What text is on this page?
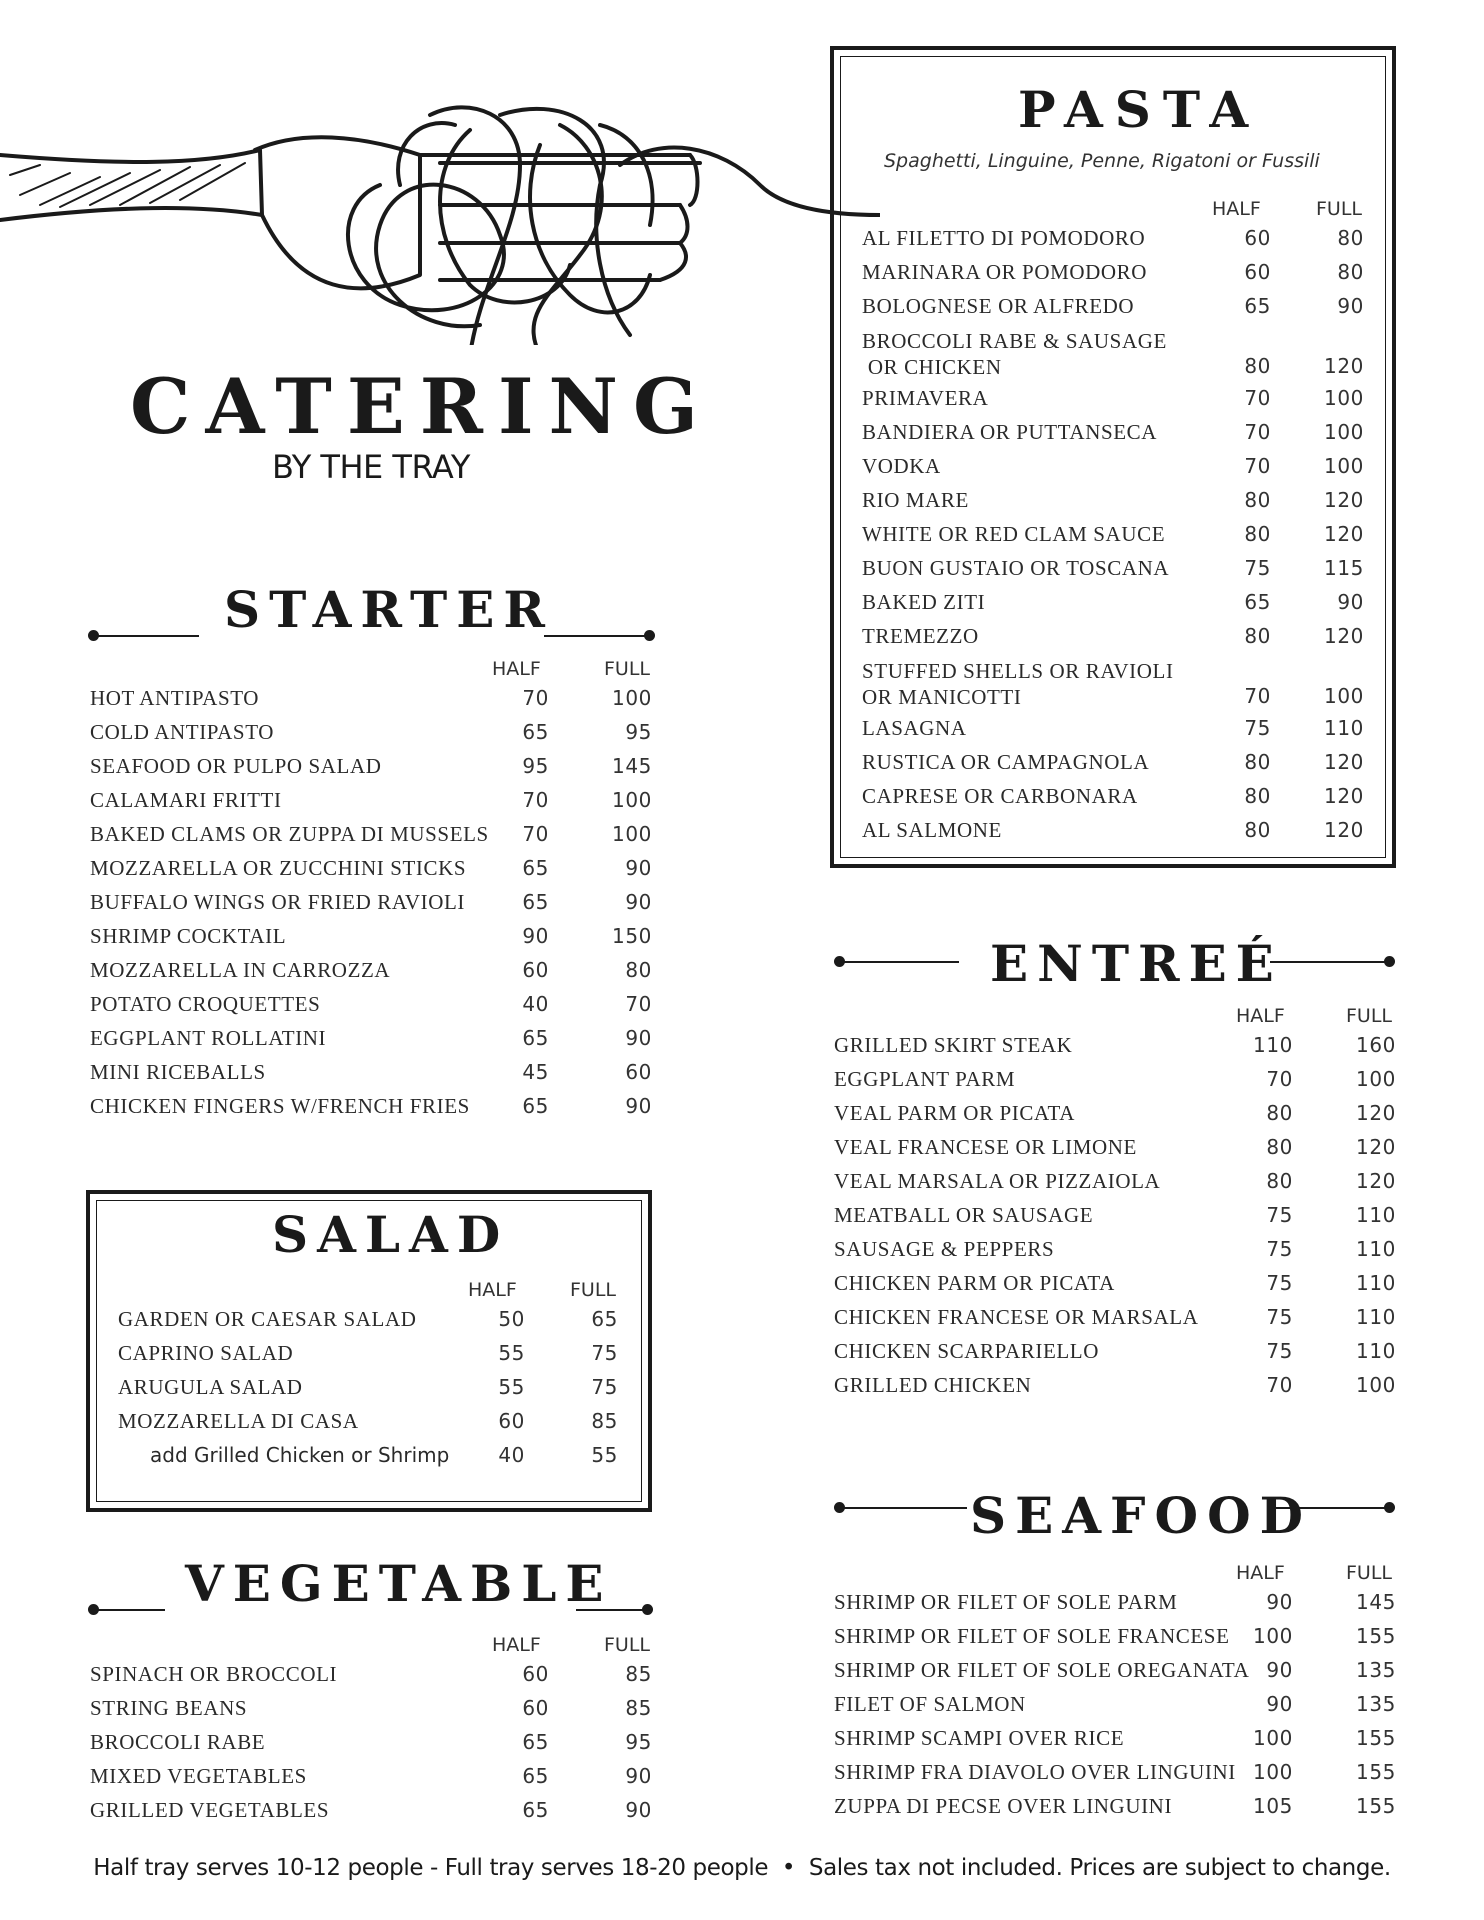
CATERING
BY THE TRAY
STARTER
HALF	FULL
HOT ANTIPASTO	70	100
COLD ANTIPASTO	65	95
SEAFOOD OR PULPO SALAD	95	145
CALAMARI FRITTI	70	100
BAKED CLAMS OR ZUPPA DI MUSSELS	70	100
MOZZARELLA OR ZUCCHINI STICKS	65	90
BUFFALO WINGS OR FRIED RAVIOLI	65	90
SHRIMP COCKTAIL	90	150
MOZZARELLA IN CARROZZA	60	80
POTATO CROQUETTES	40	70
EGGPLANT ROLLATINI	65	90
MINI RICEBALLS	45	60
CHICKEN FINGERS W/FRENCH FRIES	65	90
SALAD
HALF	FULL
GARDEN OR CAESAR SALAD	50	65
CAPRINO SALAD	55	75
ARUGULA SALAD	55	75
MOZZARELLA DI CASA	60	85
add Grilled Chicken or Shrimp	40	55
VEGETABLE
HALF	FULL
SPINACH OR BROCCOLI	60	85
STRING BEANS	60	85
BROCCOLI RABE	65	95
MIXED VEGETABLES	65	90
GRILLED VEGETABLES	65	90
PASTA
Spaghetti, Linguine, Penne, Rigatoni or Fussili
HALF	FULL
AL FILETTO DI POMODORO	60	80
MARINARA OR POMODORO	60	80
BOLOGNESE OR ALFREDO	65	90
BROCCOLI RABE & SAUSAGE
OR CHICKEN	80	120
PRIMAVERA	70	100
BANDIERA OR PUTTANSECA	70	100
VODKA	70	100
RIO MARE	80	120
WHITE OR RED CLAM SAUCE	80	120
BUON GUSTAIO OR TOSCANA	75	115
BAKED ZITI	65	90
TREMEZZO	80	120
STUFFED SHELLS OR RAVIOLI
OR MANICOTTI	70	100
LASAGNA	75	110
RUSTICA OR CAMPAGNOLA	80	120
CAPRESE OR CARBONARA	80	120
AL SALMONE	80	120
ENTREÉ
HALF	FULL
GRILLED SKIRT STEAK	110	160
EGGPLANT PARM	70	100
VEAL PARM OR PICATA	80	120
VEAL FRANCESE OR LIMONE	80	120
VEAL MARSALA OR PIZZAIOLA	80	120
MEATBALL OR SAUSAGE	75	110
SAUSAGE & PEPPERS	75	110
CHICKEN PARM OR PICATA	75	110
CHICKEN FRANCESE OR MARSALA	75	110
CHICKEN SCARPARIELLO	75	110
GRILLED CHICKEN	70	100
SEAFOOD
HALF	FULL
SHRIMP OR FILET OF SOLE PARM	90	145
SHRIMP OR FILET OF SOLE FRANCESE	100	155
SHRIMP OR FILET OF SOLE OREGANATA 90	135
FILET OF SALMON	90	135
SHRIMP SCAMPI OVER RICE	100	155
SHRIMP FRA DIAVOLO OVER LINGUINI 100	155
ZUPPA DI PECSE OVER LINGUINI	105	155
Half tray serves 10-12 people - Full tray serves 18-20 people  •  Sales tax not included. Prices are subject to change.
